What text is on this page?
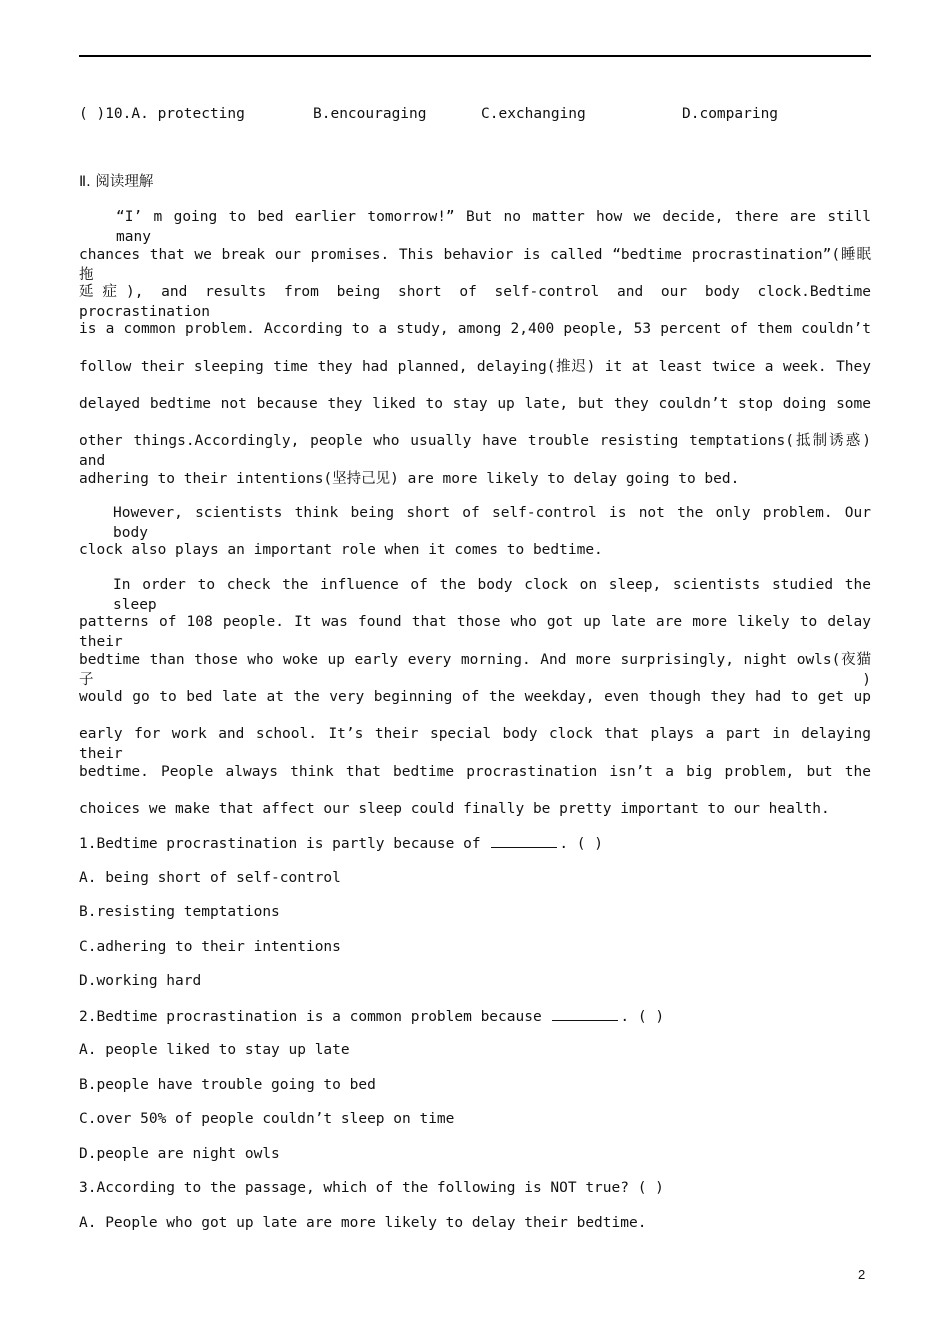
( )10.A. protecting	B.encouraging	C.exchanging	D.comparing
Ⅱ. 阅读理解
“I’ m going to bed earlier tomorrow!” But no matter how we decide, there are still many
chances that we break our promises. This behavior is called “bedtime procrastination”(睡眠拖
延症), and results from being short of self-control and our body clock.Bedtime procrastination
is a common problem. According to a study, among 2,400 people, 53 percent of them couldn’t
follow their sleeping time they had planned, delaying(推迟) it at least twice a week. They
delayed bedtime not because they liked to stay up late, but they couldn’t stop doing some
other things.Accordingly, people who usually have trouble resisting temptations(抵制诱惑) and
adhering to their intentions(坚持己见) are more likely to delay going to bed.
However, scientists think being short of self-control is not the only problem. Our body
clock also plays an important role when it comes to bedtime.
In order to check the influence of the body clock on sleep, scientists studied the sleep
patterns of 108 people. It was found that those who got up late are more likely to delay their
bedtime than those who woke up early every morning. And more surprisingly, night owls(夜猫子)
would go to bed late at the very beginning of the weekday, even though they had to get up
early for work and school. It’s their special body clock that plays a part in delaying their
bedtime. People always think that bedtime procrastination isn’t a big problem, but the
choices we make that affect our sleep could finally be pretty important to our health.
1.Bedtime procrastination is partly because of	. ( )
A. being short of self-control
B.resisting temptations
C.adhering to their intentions
D.working hard
2.Bedtime procrastination is a common problem because	. ( )
A. people liked to stay up late
B.people have trouble going to bed
C.over 50% of people couldn’t sleep on time
D.people are night owls
3.According to the passage, which of the following is NOT true? ( )
A. People who got up late are more likely to delay their bedtime.
2
